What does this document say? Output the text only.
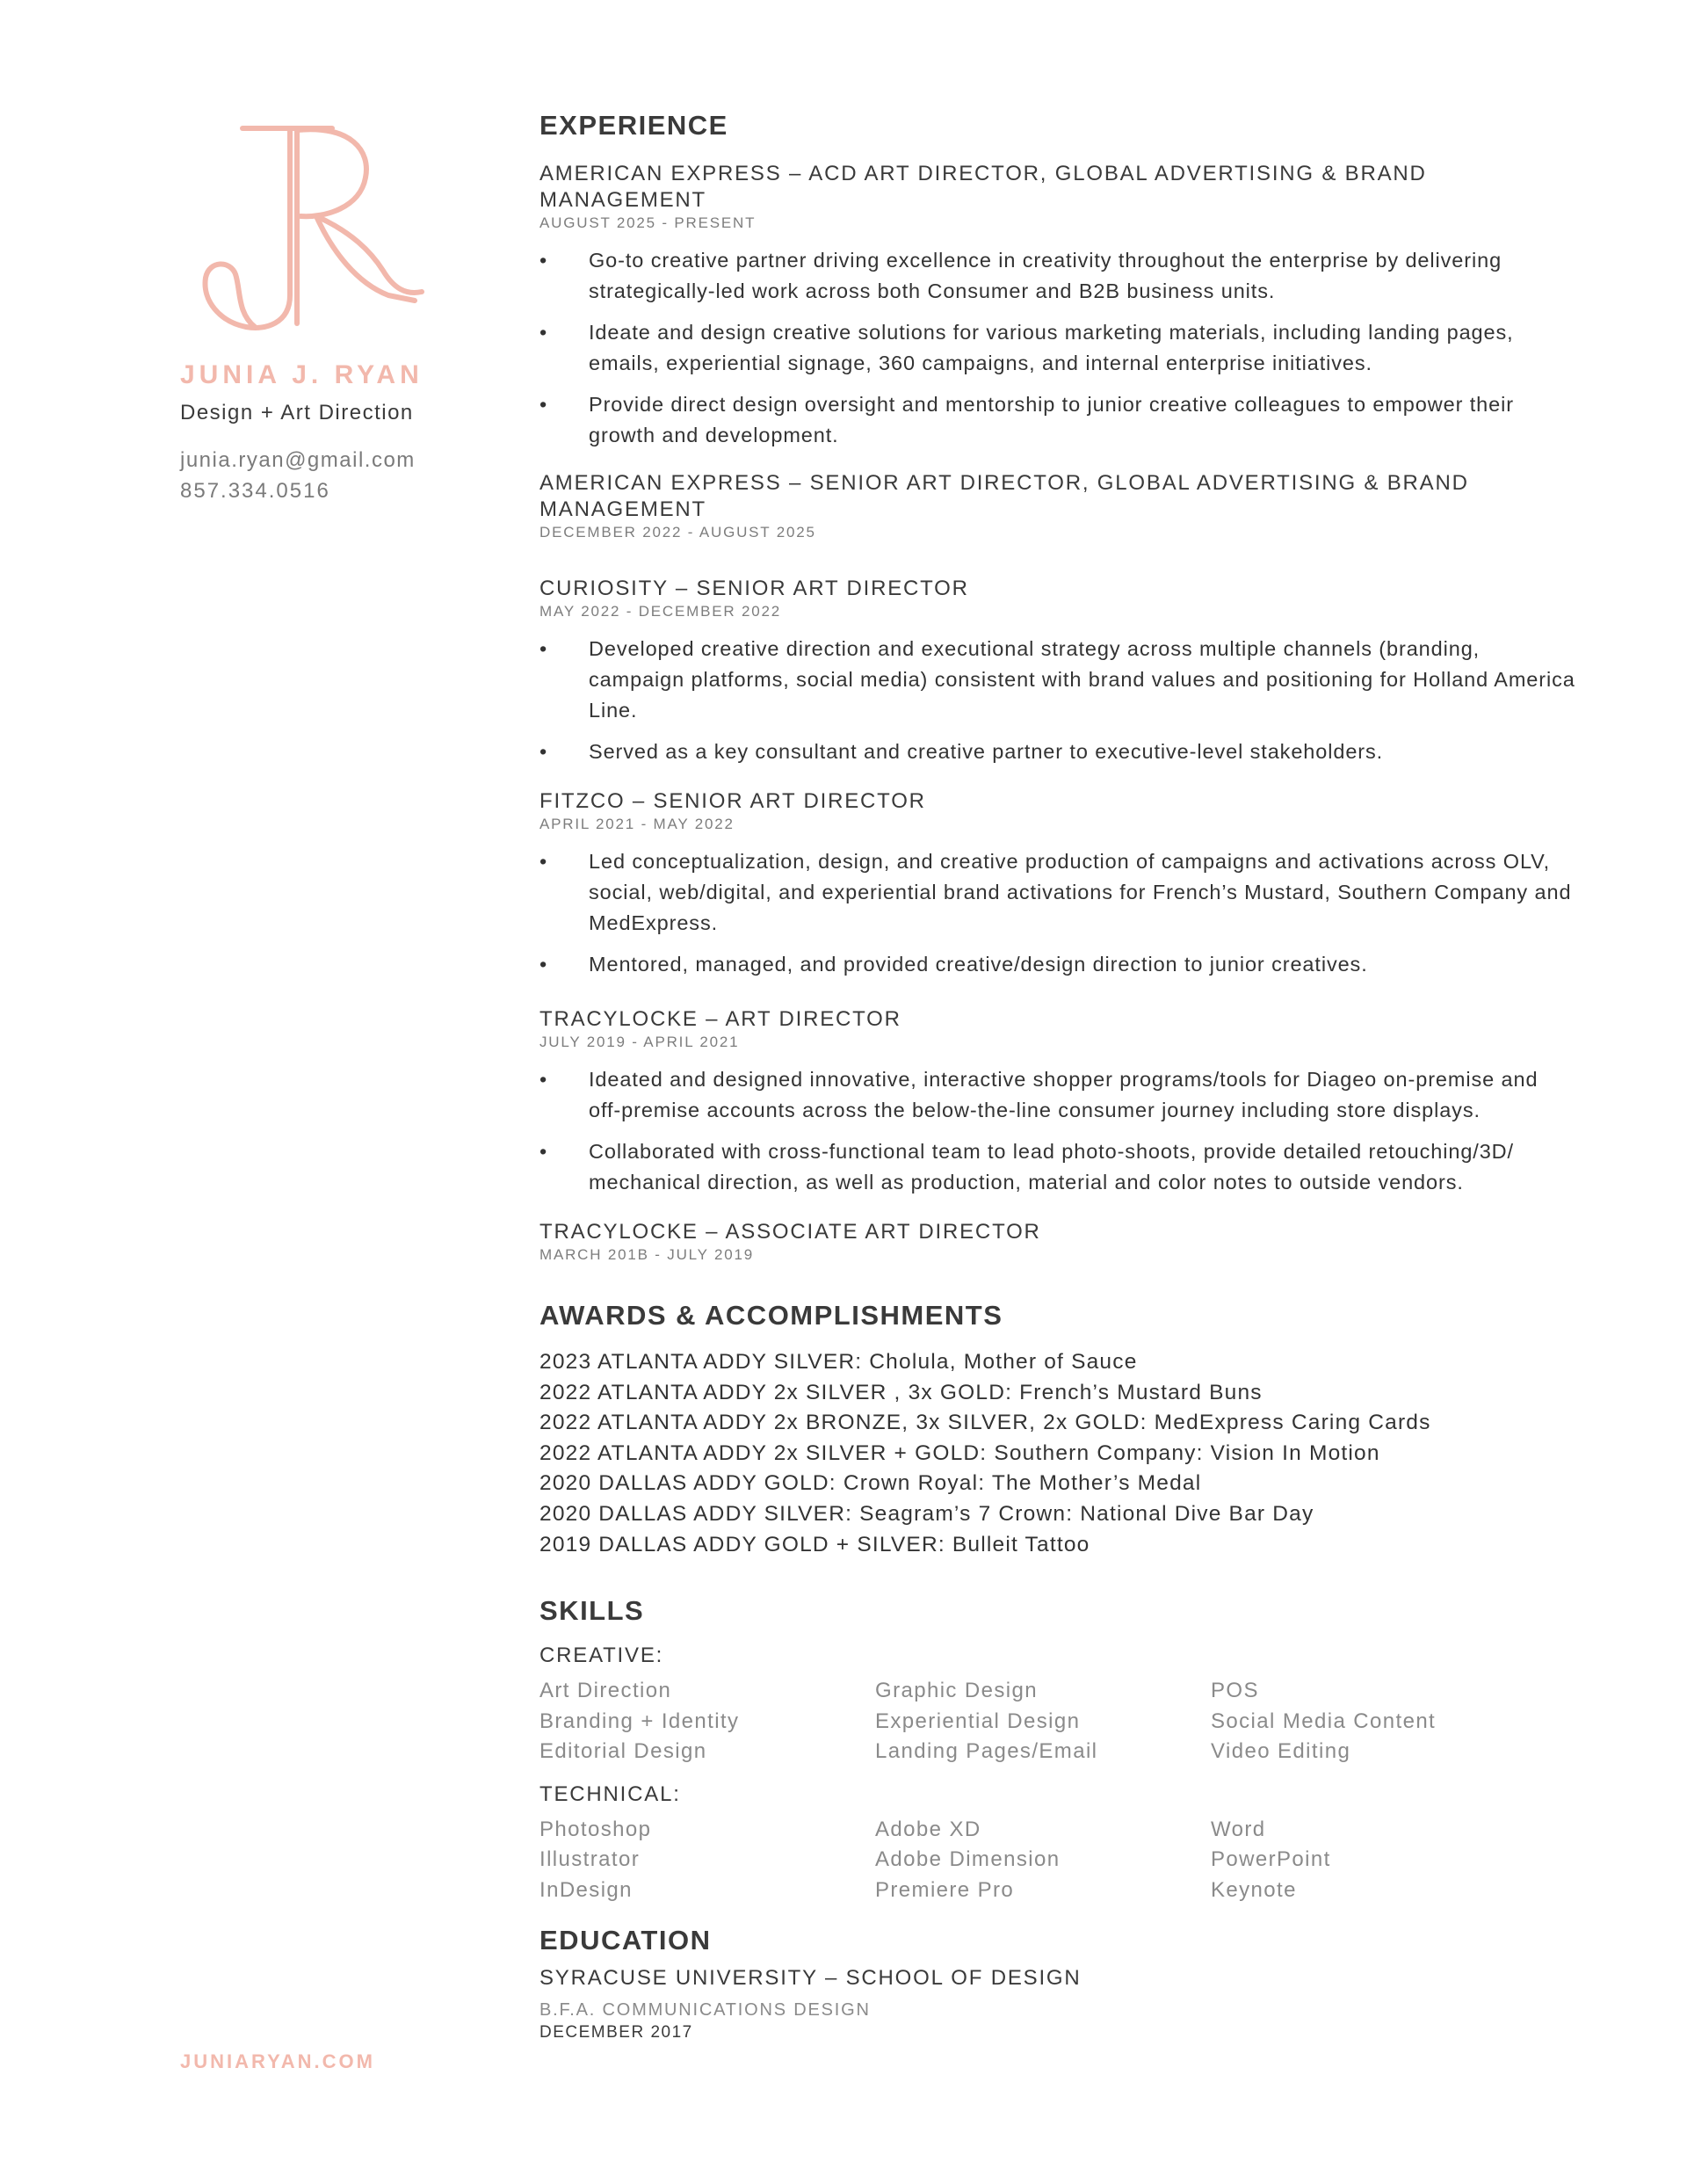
JUNIA J. RYAN
Design + Art Direction
junia.ryan@gmail.com
857.334.0516
JUNIARYAN.COM
EXPERIENCE
AMERICAN EXPRESS – ACD ART DIRECTOR, GLOBAL ADVERTISING & BRAND MANAGEMENT
AUGUST 2025 - PRESENT
• Go-to creative partner driving excellence in creativity throughout the enterprise by delivering strategically-led work across both Consumer and B2B business units.
• Ideate and design creative solutions for various marketing materials, including landing pages, emails, experiential signage, 360 campaigns, and internal enterprise initiatives.
• Provide direct design oversight and mentorship to junior creative colleagues to empower their growth and development.
AMERICAN EXPRESS – SENIOR ART DIRECTOR, GLOBAL ADVERTISING & BRAND MANAGEMENT
DECEMBER 2022 - AUGUST 2025
CURIOSITY – SENIOR ART DIRECTOR
MAY 2022 - DECEMBER 2022
• Developed creative direction and executional strategy across multiple channels (branding, campaign platforms, social media) consistent with brand values and positioning for Holland America Line.
• Served as a key consultant and creative partner to executive-level stakeholders.
FITZCO – SENIOR ART DIRECTOR
APRIL 2021 - MAY 2022
• Led conceptualization, design, and creative production of campaigns and activations across OLV, social, web/digital, and experiential brand activations for French’s Mustard, Southern Company and MedExpress.
• Mentored, managed, and provided creative/design direction to junior creatives.
TRACYLOCKE – ART DIRECTOR
JULY 2019 - APRIL 2021
• Ideated and designed innovative, interactive shopper programs/tools for Diageo on-premise and off-premise accounts across the below-the-line consumer journey including store displays.
• Collaborated with cross-functional team to lead photo-shoots, provide detailed retouching/3D/ mechanical direction, as well as production, material and color notes to outside vendors.
TRACYLOCKE – ASSOCIATE ART DIRECTOR
MARCH 201B - JULY 2019
AWARDS & ACCOMPLISHMENTS
2023 ATLANTA ADDY SILVER: Cholula, Mother of Sauce
2022 ATLANTA ADDY 2x SILVER , 3x GOLD: French’s Mustard Buns
2022 ATLANTA ADDY 2x BRONZE, 3x SILVER, 2x GOLD: MedExpress Caring Cards
2022 ATLANTA ADDY 2x SILVER + GOLD: Southern Company: Vision In Motion
2020 DALLAS ADDY GOLD: Crown Royal: The Mother’s Medal
2020 DALLAS ADDY SILVER: Seagram’s 7 Crown: National Dive Bar Day
2019 DALLAS ADDY GOLD + SILVER: Bulleit Tattoo
SKILLS
CREATIVE:
Art Direction	Graphic Design	POS
Branding + Identity	Experiential Design	Social Media Content
Editorial Design	Landing Pages/Email	Video Editing
TECHNICAL:
Photoshop	Adobe XD	Word
Illustrator	Adobe Dimension	PowerPoint
InDesign	Premiere Pro	Keynote
EDUCATION
SYRACUSE UNIVERSITY – SCHOOL OF DESIGN
B.F.A. COMMUNICATIONS DESIGN
DECEMBER 2017
